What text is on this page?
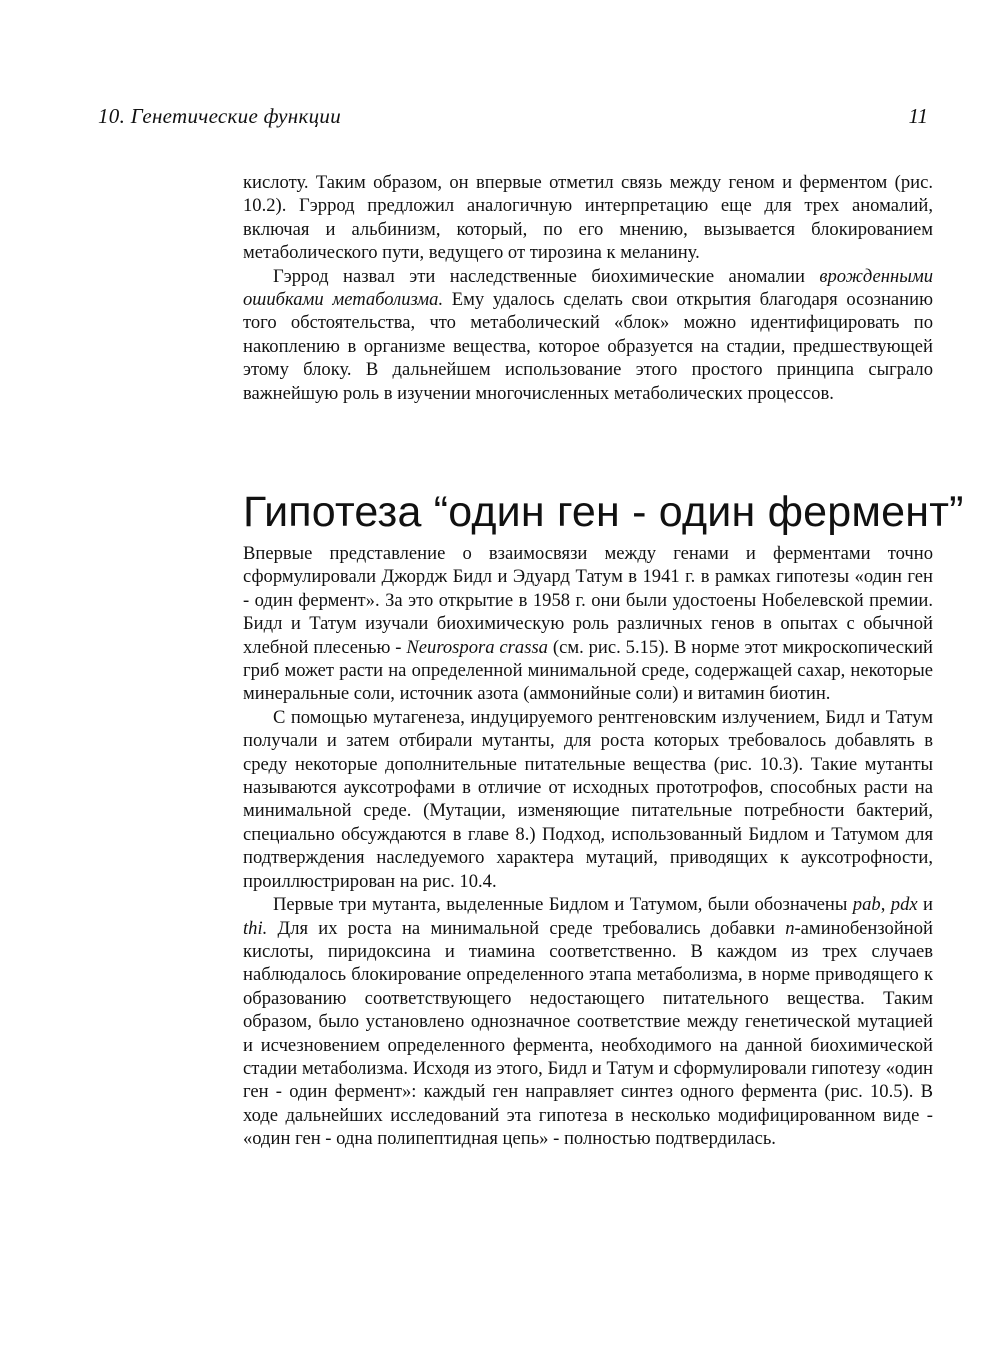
10. Генетические функции	11

кислоту. Таким образом, он впервые отметил связь между геном и ферментом (рис. 10.2). Гэррод предложил аналогичную интерпретацию еще для трех аномалий, включая и альбинизм, который, по его мнению, вызывается блокированием метаболического пути, ведущего от тирозина к меланину.

Гэррод назвал эти наследственные биохимические аномалии врожденными ошибками метаболизма. Ему удалось сделать свои открытия благодаря осознанию того обстоятельства, что метаболический «блок» можно идентифицировать по накоплению в организме вещества, которое образуется на стадии, предшествующей этому блоку. В дальнейшем использование этого простого принципа сыграло важнейшую роль в изучении многочисленных метаболических процессов.

Гипотеза “один ген - один фермент”

Впервые представление о взаимосвязи между генами и ферментами точно сформулировали Джордж Бидл и Эдуард Татум в 1941 г. в рамках гипотезы «один ген - один фермент». За это открытие в 1958 г. они были удостоены Нобелевской премии. Бидл и Татум изучали биохимическую роль различных генов в опытах с обычной хлебной плесенью - Neurospora crassa (см. рис. 5.15). В норме этот микроскопический гриб может расти на определенной минимальной среде, содержащей сахар, некоторые минеральные соли, источник азота (аммонийные соли) и витамин биотин.

С помощью мутагенеза, индуцируемого рентгеновским излучением, Бидл и Татум получали и затем отбирали мутанты, для роста которых требовалось добавлять в среду некоторые дополнительные питательные вещества (рис. 10.3). Такие мутанты называются ауксотрофами в отличие от исходных прототрофов, способных расти на минимальной среде. (Мутации, изменяющие питательные потребности бактерий, специально обсуждаются в главе 8.) Подход, использованный Бидлом и Татумом для подтверждения наследуемого характера мутаций, приводящих к ауксотрофности, проиллюстрирован на рис. 10.4.

Первые три мутанта, выделенные Бидлом и Татумом, были обозначены pab, pdx и thi. Для их роста на минимальной среде требовались добавки n-аминобензойной кислоты, пиридоксина и тиамина соответственно. В каждом из трех случаев наблюдалось блокирование определенного этапа метаболизма, в норме приводящего к образованию соответствующего недостающего питательного вещества. Таким образом, было установлено однозначное соответствие между генетической мутацией и исчезновением определенного фермента, необходимого на данной биохимической стадии метаболизма. Исходя из этого, Бидл и Татум и сформулировали гипотезу «один ген - один фермент»: каждый ген направляет синтез одного фермента (рис. 10.5). В ходе дальнейших исследований эта гипотеза в несколько модифицированном виде - «один ген - одна полипептидная цепь» - полностью подтвердилась.
